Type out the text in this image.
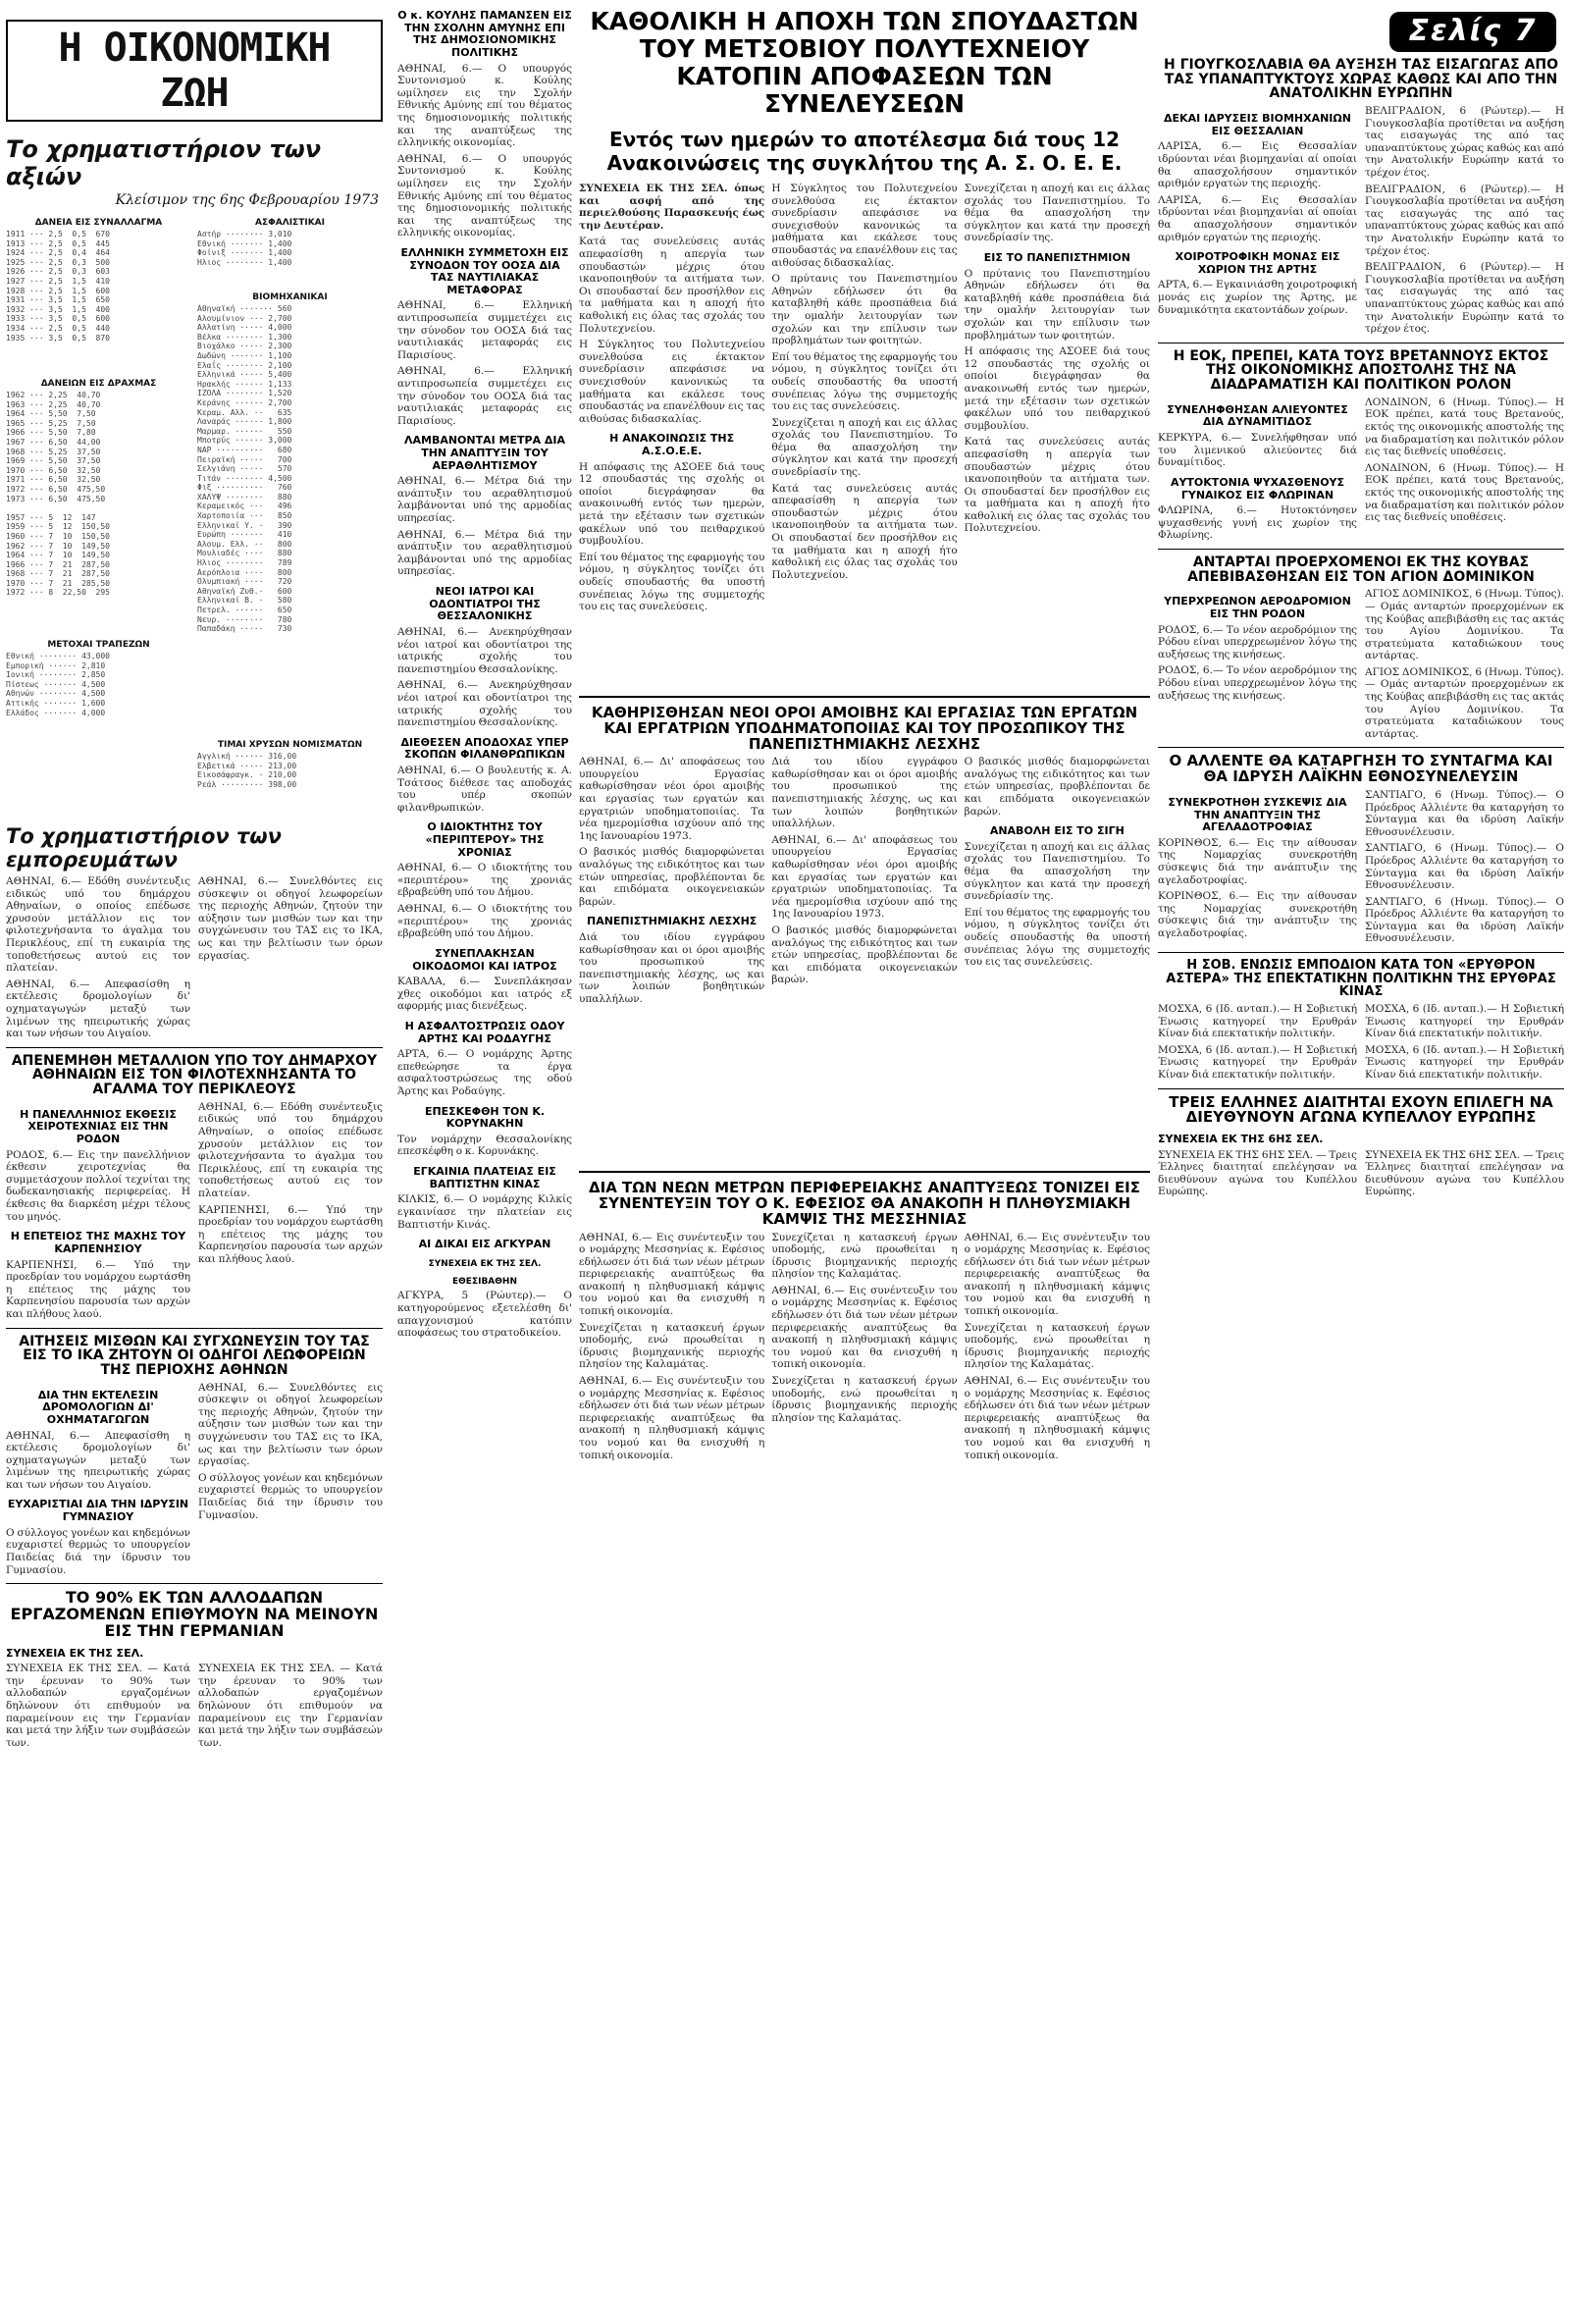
Η ΟΙΚΟΝΟΜΙΚΗ ΖΩΗ
Το χρηματιστήριον των αξιών
Κλείσιμον της 6ης Φεβρουαρίου 1973
ΔΑΝΕΙΑ ΕΙΣ ΣΥΝΑΛΛΑΓΜΑ
1911 ··· 2,5  0,5  670
1913 ··· 2,5  0,5  445
1924 ··· 2,5  0,4  464
1925 ··· 2,5  0,3  500
1926 ··· 2,5  0,3  603
1927 ··· 2,5  1,5  410
1928 ··· 2,5  1,5  600
1931 ··· 3,5  1,5  650
1932 ··· 3,5  1,5  400
1933 ··· 3,5  0,5  600
1934 ··· 2,5  0,5  440
1935 ··· 3,5  0,5  870
ΔΑΝΕΙΩΝ ΕΙΣ ΔΡΑΧΜΑΣ
1962 ··· 2,25  40,70
1963 ··· 2,25  40,70
1964 ··· 5,50  7,50
1965 ··· 5,25  7,50
1966 ··· 5,50  7,80
1967 ··· 6,50  44,00
1968 ··· 5,25  37,50
1969 ··· 5,50  37,50
1970 ··· 6,50  32,50
1971 ··· 6,50  32,50
1972 ··· 6,50  475,50
1973 ··· 6,50  475,50

1957 ··· 5  12  147
1959 ··· 5  12  150,50
1960 ··· 7  10  150,50
1962 ··· 7  10  149,50
1964 ··· 7  10  149,50
1966 ··· 7  21  287,50
1968 ··· 7  21  287,50
1970 ··· 7  21  285,50
1972 ··· 8  22,50  295
ΜΕΤΟΧΑΙ ΤΡΑΠΕΖΩΝ
Εθνική ········ 43,000
Εμπορική ······ 2,810
Ιονική ········ 2,850
Πίστεως ······· 4,500
Αθηνών ········ 4,500
Αττικής ······· 1,600
Ελλάδος ······· 4,000
ΑΣΦΑΛΙΣΤΙΚΑΙ
Αστήρ ········ 3,010
Εθνική ······· 1,400
Φοίνιξ ······· 1,400
Ήλιος ········ 1,400
ΒΙΟΜΗΧΑΝΙΚΑΙ
Αθηναϊκή ······· 560
Αλουμίνιον ··· 2,700
Αλλατίνη ····· 4,000
Βέλκα ········ 1,300
Βιοχάλκο ····· 2,300
Δωδώνη ······· 1,100
Ελαΐς ········ 2,100
Ελληνικά ····· 5,400
Ηρακλής ······ 1,133
ΙΖΟΛΑ ········ 1,520
Κεράνης ······ 2,700
Κεραμ. Αλλ. ··   635
Λαναράς ······ 1,800
Μαρμαρ. ······   550
Μποτρύς ······ 3,000
ΝΑΡ ··········   680
Πειραϊκή ·····   700
Σελγιάνη ·····   570
Τιτάν ········ 4,500
Φιξ ··········   760
ΧΑΛΥΨ ········   880
Κεραμεικός ···   496
Χαρτοποιία ···   850
Ελληνικαί Υ. ·   390
Ευρώπη ·······   410
Αλουμ. Ελλ. ··   800
Μουλιαδές ····   880
Ήλιος ········   789
Αερόπλοια ····   800
Ολυμπιακή ····   720
Αθηναϊκή Ζυθ.·   600
Ελληνικαί Β. ·   580
Πετρελ. ······   650
Νευρ. ········   780
Παπαδάκη ·····   730
ΤΙΜΑΙ ΧΡΥΣΩΝ ΝΟΜΙΣΜΑΤΩΝ
Αγγλική ······ 316,00
Ελβετικά ····· 213,00
Εικοσάφραγκ. · 210,00
Ρεάλ ········· 398,00
Το χρηματιστήριον των εμπορευμάτων

ΑΘΗΝΑΙ, 6.— Εδόθη συνέντευξις ειδικώς υπό του δημάρχου Αθηναίων, ο οποίος επέδωσε χρυσούν μετάλλιον εις τον φιλοτεχνήσαντα το άγαλμα του Περικλέους, επί τη ευκαιρία της τοποθετήσεως αυτού εις τον πλατείαν.

ΑΘΗΝΑΙ, 6.— Απεφασίσθη η εκτέλεσις δρομολογίων δι' οχηματαγωγών μεταξύ των λιμένων της ηπειρωτικής χώρας και των νήσων του Αιγαίου.

ΑΘΗΝΑΙ, 6.— Συνελθόντες εις σύσκεψιν οι οδηγοί λεωφορείων της περιοχής Αθηνών, ζητούν την αύξησιν των μισθών των και την συγχώνευσιν του ΤΑΣ εις το ΙΚΑ, ως και την βελτίωσιν των όρων εργασίας.

ΑΠΕΝΕΜΗΘΗ ΜΕΤΑΛΛΙΟΝ ΥΠΟ ΤΟΥ ΔΗΜΑΡΧΟΥ ΑΘΗΝΑΙΩΝ ΕΙΣ ΤΟΝ ΦΙΛΟΤΕΧΝΗΣΑΝΤΑ ΤΟ ΑΓΑΛΜΑ ΤΟΥ ΠΕΡΙΚΛΕΟΥΣ
Η ΠΑΝΕΛΛΗΝΙΟΣ ΕΚΘΕΣΙΣ ΧΕΙΡΟΤΕΧΝΙΑΣ ΕΙΣ ΤΗΝ ΡΟΔΟΝ

ΡΟΔΟΣ, 6.— Εις την πανελλήνιον έκθεσιν χειροτεχνίας θα συμμετάσχουν πολλοί τεχνίται της δωδεκανησιακής περιφερείας. Η έκθεσις θα διαρκέση μέχρι τέλους του μηνός.

Η ΕΠΕΤΕΙΟΣ ΤΗΣ ΜΑΧΗΣ ΤΟΥ ΚΑΡΠΕΝΗΣΙΟΥ

ΚΑΡΠΕΝΗΣΙ, 6.— Υπό την προεδρίαν του νομάρχου εωρτάσθη η επέτειος της μάχης του Καρπενησίου παρουσία των αρχών και πλήθους λαού.

ΑΘΗΝΑΙ, 6.— Εδόθη συνέντευξις ειδικώς υπό του δημάρχου Αθηναίων, ο οποίος επέδωσε χρυσούν μετάλλιον εις τον φιλοτεχνήσαντα το άγαλμα του Περικλέους, επί τη ευκαιρία της τοποθετήσεως αυτού εις τον πλατείαν.

ΚΑΡΠΕΝΗΣΙ, 6.— Υπό την προεδρίαν του νομάρχου εωρτάσθη η επέτειος της μάχης του Καρπενησίου παρουσία των αρχών και πλήθους λαού.

ΑΙΤΗΣΕΙΣ ΜΙΣΘΩΝ ΚΑΙ ΣΥΓΧΩΝΕΥΣΙΝ ΤΟΥ ΤΑΣ ΕΙΣ ΤΟ ΙΚΑ ΖΗΤΟΥΝ ΟΙ ΟΔΗΓΟΙ ΛΕΩΦΟΡΕΙΩΝ ΤΗΣ ΠΕΡΙΟΧΗΣ ΑΘΗΝΩΝ
ΔΙΑ ΤΗΝ ΕΚΤΕΛΕΣΙΝ ΔΡΟΜΟΛΟΓΙΩΝ ΔΙ' ΟΧΗΜΑΤΑΓΩΓΩΝ

ΑΘΗΝΑΙ, 6.— Απεφασίσθη η εκτέλεσις δρομολογίων δι' οχηματαγωγών μεταξύ των λιμένων της ηπειρωτικής χώρας και των νήσων του Αιγαίου.

ΕΥΧΑΡΙΣΤΙΑΙ ΔΙΑ ΤΗΝ ΙΔΡΥΣΙΝ ΓΥΜΝΑΣΙΟΥ

Ο σύλλογος γονέων και κηδεμόνων ευχαριστεί θερμώς το υπουργείον Παιδείας διά την ίδρυσιν του Γυμνασίου.

ΑΘΗΝΑΙ, 6.— Συνελθόντες εις σύσκεψιν οι οδηγοί λεωφορείων της περιοχής Αθηνών, ζητούν την αύξησιν των μισθών των και την συγχώνευσιν του ΤΑΣ εις το ΙΚΑ, ως και την βελτίωσιν των όρων εργασίας.

Ο σύλλογος γονέων και κηδεμόνων ευχαριστεί θερμώς το υπουργείον Παιδείας διά την ίδρυσιν του Γυμνασίου.

ΤΟ 90% ΕΚ ΤΩΝ ΑΛΛΟΔΑΠΩΝ ΕΡΓΑΖΟΜΕΝΩΝ ΕΠΙΘΥΜΟΥΝ ΝΑ ΜΕΙΝΟΥΝ ΕΙΣ ΤΗΝ ΓΕΡΜΑΝΙΑΝ
ΣΥΝΕΧΕΙΑ ΕΚ ΤΗΣ ΣΕΛ.

ΣΥΝΕΧΕΙΑ ΕΚ ΤΗΣ ΣΕΛ. — Κατά την έρευναν το 90% των αλλοδαπών εργαζομένων δηλώνουν ότι επιθυμούν να παραμείνουν εις την Γερμανίαν και μετά την λήξιν των συμβάσεών των.

ΣΥΝΕΧΕΙΑ ΕΚ ΤΗΣ ΣΕΛ. — Κατά την έρευναν το 90% των αλλοδαπών εργαζομένων δηλώνουν ότι επιθυμούν να παραμείνουν εις την Γερμανίαν και μετά την λήξιν των συμβάσεών των.

Ο κ. ΚΟΥΛΗΣ ΠΑΜΑΝΣΕΝ ΕΙΣ ΤΗΝ ΣΧΟΛΗΝ ΑΜΥΝΗΣ ΕΠΙ ΤΗΣ ΔΗΜΟΣΙΟΝΟΜΙΚΗΣ ΠΟΛΙΤΙΚΗΣ

ΑΘΗΝΑΙ, 6.— Ο υπουργός Συντονισμού κ. Κούλης ωμίλησεν εις την Σχολήν Εθνικής Αμύνης επί του θέματος της δημοσιονομικής πολιτικής και της αναπτύξεως της ελληνικής οικονομίας.

ΑΘΗΝΑΙ, 6.— Ο υπουργός Συντονισμού κ. Κούλης ωμίλησεν εις την Σχολήν Εθνικής Αμύνης επί του θέματος της δημοσιονομικής πολιτικής και της αναπτύξεως της ελληνικής οικονομίας.

ΕΛΛΗΝΙΚΗ ΣΥΜΜΕΤΟΧΗ ΕΙΣ ΣΥΝΟΔΟΝ ΤΟΥ ΟΟΣΑ ΔΙΑ ΤΑΣ ΝΑΥΤΙΛΙΑΚΑΣ ΜΕΤΑΦΟΡΑΣ

ΑΘΗΝΑΙ, 6.— Ελληνική αντιπροσωπεία συμμετέχει εις την σύνοδον του ΟΟΣΑ διά τας ναυτιλιακάς μεταφοράς εις Παρισίους.

ΑΘΗΝΑΙ, 6.— Ελληνική αντιπροσωπεία συμμετέχει εις την σύνοδον του ΟΟΣΑ διά τας ναυτιλιακάς μεταφοράς εις Παρισίους.

ΛΑΜΒΑΝΟΝΤΑΙ ΜΕΤΡΑ ΔΙΑ ΤΗΝ ΑΝΑΠΤΥΞΙΝ ΤΟΥ ΑΕΡΑΘΛΗΤΙΣΜΟΥ

ΑΘΗΝΑΙ, 6.— Μέτρα διά την ανάπτυξιν του αεραθλητισμού λαμβάνονται υπό της αρμοδίας υπηρεσίας.

ΑΘΗΝΑΙ, 6.— Μέτρα διά την ανάπτυξιν του αεραθλητισμού λαμβάνονται υπό της αρμοδίας υπηρεσίας.

ΝΕΟΙ ΙΑΤΡΟΙ ΚΑΙ ΟΔΟΝΤΙΑΤΡΟΙ ΤΗΣ ΘΕΣΣΑΛΟΝΙΚΗΣ

ΑΘΗΝΑΙ, 6.— Ανεκηρύχθησαν νέοι ιατροί και οδοντίατροι της ιατρικής σχολής του πανεπιστημίου Θεσσαλονίκης.

ΑΘΗΝΑΙ, 6.— Ανεκηρύχθησαν νέοι ιατροί και οδοντίατροι της ιατρικής σχολής του πανεπιστημίου Θεσσαλονίκης.

ΔΙΕΘΕΣΕΝ ΑΠΟΔΟΧΑΣ ΥΠΕΡ ΣΚΟΠΩΝ ΦΙΛΑΝΘΡΩΠΙΚΩΝ

ΑΘΗΝΑΙ, 6.— Ο βουλευτής κ. Α. Τσάτσος διέθεσε τας αποδοχάς του υπέρ σκοπών φιλανθρωπικών.

Ο ΙΔΙΟΚΤΗΤΗΣ ΤΟΥ «ΠΕΡΙΠΤΕΡΟΥ» ΤΗΣ ΧΡΟΝΙΑΣ

ΑΘΗΝΑΙ, 6.— Ο ιδιοκτήτης του «περιπτέρου» της χρονιάς εβραβεύθη υπό του Δήμου.

ΑΘΗΝΑΙ, 6.— Ο ιδιοκτήτης του «περιπτέρου» της χρονιάς εβραβεύθη υπό του Δήμου.

ΣΥΝΕΠΛΑΚΗΣΑΝ ΟΙΚΟΔΟΜΟΙ ΚΑΙ ΙΑΤΡΟΣ

ΚΑΒΑΛΑ, 6.— Συνεπλάκησαν χθες οικοδόμοι και ιατρός εξ αφορμής μιας διενέξεως.

Η ΑΣΦΑΛΤΟΣΤΡΩΣΙΣ ΟΔΟΥ ΑΡΤΗΣ ΚΑΙ ΡΟΔΑΥΓΗΣ

ΑΡΤΑ, 6.— Ο νομάρχης Άρτης επεθεώρησε τα έργα ασφαλτοστρώσεως της οδού Άρτης και Ροδαύγης.

ΕΠΕΣΚΕΦΘΗ ΤΟΝ Κ. ΚΟΡΥΝΑΚΗΝ

Τον νομάρχην Θεσσαλονίκης επεσκέφθη ο κ. Κορυνάκης.

ΕΓΚΑΙΝΙΑ ΠΛΑΤΕΙΑΣ ΕΙΣ ΒΑΠΤΙΣΤΗΝ ΚΙΝΑΣ

ΚΙΛΚΙΣ, 6.— Ο νομάρχης Κιλκίς εγκαινίασε την πλατείαν εις Βαπτιστήν Κινάς.

ΑΙ ΔΙΚΑΙ ΕΙΣ ΑΓΚΥΡΑΝ
ΣΥΝΕΧΕΙΑ ΕΚ ΤΗΣ ΣΕΛ.
ΕΘΕΣΙΒΑΘΗΝ

ΑΓΚΥΡΑ, 5 (Ρώυτερ).— Ο κατηγορούμενος εξετελέσθη δι' απαγχονισμού κατόπιν αποφάσεως του στρατοδικείου.

ΚΑΘΟΛΙΚΗ Η ΑΠΟΧΗ ΤΩΝ ΣΠΟΥΔΑΣΤΩΝ ΤΟΥ ΜΕΤΣΟΒΙΟΥ ΠΟΛΥΤΕΧΝΕΙΟΥ ΚΑΤΟΠΙΝ ΑΠΟΦΑΣΕΩΝ ΤΩΝ ΣΥΝΕΛΕΥΣΕΩΝ
Εντός των ημερών το αποτέλεσμα διά τους 12 Ανακοινώσεις της συγκλήτου της Α. Σ. Ο. Ε. Ε.

ΣΥΝΕΧΕΙΑ ΕΚ ΤΗΣ ΣΕΛ. όπως και ασφή από της περιελθούσης Παρασκευής έως την Δευτέραν.

Κατά τας συνελεύσεις αυτάς απεφασίσθη η απεργία των σπουδαστών μέχρις ότου ικανοποιηθούν τα αιτήματα των. Οι σπουδασταί δεν προσήλθον εις τα μαθήματα και η αποχή ήτο καθολική εις όλας τας σχολάς του Πολυτεχνείου.

Η Σύγκλητος του Πολυτεχνείου συνελθούσα εις έκτακτον συνεδρίασιν απεφάσισε να συνεχισθούν κανονικώς τα μαθήματα και εκάλεσε τους σπουδαστάς να επανέλθουν εις τας αιθούσας διδασκαλίας.

Η ΑΝΑΚΟΙΝΩΣΙΣ ΤΗΣ Α.Σ.Ο.Ε.Ε.

Η απόφασις της ΑΣΟΕΕ διά τους 12 σπουδαστάς της σχολής οι οποίοι διεγράφησαν θα ανακοινωθή εντός των ημερών, μετά την εξέτασιν των σχετικών φακέλων υπό του πειθαρχικού συμβουλίου.

Επί του θέματος της εφαρμογής του νόμου, η σύγκλητος τονίζει ότι ουδείς σπουδαστής θα υποστή συνέπειας λόγω της συμμετοχής του εις τας συνελεύσεις.

Η Σύγκλητος του Πολυτεχνείου συνελθούσα εις έκτακτον συνεδρίασιν απεφάσισε να συνεχισθούν κανονικώς τα μαθήματα και εκάλεσε τους σπουδαστάς να επανέλθουν εις τας αιθούσας διδασκαλίας.

Ο πρύτανις του Πανεπιστημίου Αθηνών εδήλωσεν ότι θα καταβληθή κάθε προσπάθεια διά την ομαλήν λειτουργίαν των σχολών και την επίλυσιν των προβλημάτων των φοιτητών.

Επί του θέματος της εφαρμογής του νόμου, η σύγκλητος τονίζει ότι ουδείς σπουδαστής θα υποστή συνέπειας λόγω της συμμετοχής του εις τας συνελεύσεις.

Συνεχίζεται η αποχή και εις άλλας σχολάς του Πανεπιστημίου. Το θέμα θα απασχολήση την σύγκλητον και κατά την προσεχή συνεδρίασίν της.

Κατά τας συνελεύσεις αυτάς απεφασίσθη η απεργία των σπουδαστών μέχρις ότου ικανοποιηθούν τα αιτήματα των. Οι σπουδασταί δεν προσήλθον εις τα μαθήματα και η αποχή ήτο καθολική εις όλας τας σχολάς του Πολυτεχνείου.

Συνεχίζεται η αποχή και εις άλλας σχολάς του Πανεπιστημίου. Το θέμα θα απασχολήση την σύγκλητον και κατά την προσεχή συνεδρίασίν της.

ΕΙΣ ΤΟ ΠΑΝΕΠΙΣΤΗΜΙΟΝ

Ο πρύτανις του Πανεπιστημίου Αθηνών εδήλωσεν ότι θα καταβληθή κάθε προσπάθεια διά την ομαλήν λειτουργίαν των σχολών και την επίλυσιν των προβλημάτων των φοιτητών.

Η απόφασις της ΑΣΟΕΕ διά τους 12 σπουδαστάς της σχολής οι οποίοι διεγράφησαν θα ανακοινωθή εντός των ημερών, μετά την εξέτασιν των σχετικών φακέλων υπό του πειθαρχικού συμβουλίου.

Κατά τας συνελεύσεις αυτάς απεφασίσθη η απεργία των σπουδαστών μέχρις ότου ικανοποιηθούν τα αιτήματα των. Οι σπουδασταί δεν προσήλθον εις τα μαθήματα και η αποχή ήτο καθολική εις όλας τας σχολάς του Πολυτεχνείου.

ΚΑΘΗΡΙΣΘΗΣΑΝ ΝΕΟΙ ΟΡΟΙ ΑΜΟΙΒΗΣ ΚΑΙ ΕΡΓΑΣΙΑΣ ΤΩΝ ΕΡΓΑΤΩΝ ΚΑΙ ΕΡΓΑΤΡΙΩΝ ΥΠΟΔΗΜΑΤΟΠΟΙΙΑΣ ΚΑΙ ΤΟΥ ΠΡΟΣΩΠΙΚΟΥ ΤΗΣ ΠΑΝΕΠΙΣΤΗΜΙΑΚΗΣ ΛΕΣΧΗΣ

ΑΘΗΝΑΙ, 6.— Δι' αποφάσεως του υπουργείου Εργασίας καθωρίσθησαν νέοι όροι αμοιβής και εργασίας των εργατών και εργατριών υποδηματοποιίας. Τα νέα ημερομίσθια ισχύουν από της 1ης Ιανουαρίου 1973.

Ο βασικός μισθός διαμορφώνεται αναλόγως της ειδικότητος και των ετών υπηρεσίας, προβλέπονται δε και επιδόματα οικογενειακών βαρών.

ΠΑΝΕΠΙΣΤΗΜΙΑΚΗΣ ΛΕΣΧΗΣ

Διά του ιδίου εγγράφου καθωρίσθησαν και οι όροι αμοιβής του προσωπικού της πανεπιστημιακής λέσχης, ως και των λοιπών βοηθητικών υπαλλήλων.

Διά του ιδίου εγγράφου καθωρίσθησαν και οι όροι αμοιβής του προσωπικού της πανεπιστημιακής λέσχης, ως και των λοιπών βοηθητικών υπαλλήλων.

ΑΘΗΝΑΙ, 6.— Δι' αποφάσεως του υπουργείου Εργασίας καθωρίσθησαν νέοι όροι αμοιβής και εργασίας των εργατών και εργατριών υποδηματοποιίας. Τα νέα ημερομίσθια ισχύουν από της 1ης Ιανουαρίου 1973.

Ο βασικός μισθός διαμορφώνεται αναλόγως της ειδικότητος και των ετών υπηρεσίας, προβλέπονται δε και επιδόματα οικογενειακών βαρών.

Ο βασικός μισθός διαμορφώνεται αναλόγως της ειδικότητος και των ετών υπηρεσίας, προβλέπονται δε και επιδόματα οικογενειακών βαρών.

ΑΝΑΒΟΛΗ ΕΙΣ ΤΟ ΣΙΓΗ

Συνεχίζεται η αποχή και εις άλλας σχολάς του Πανεπιστημίου. Το θέμα θα απασχολήση την σύγκλητον και κατά την προσεχή συνεδρίασίν της.

Επί του θέματος της εφαρμογής του νόμου, η σύγκλητος τονίζει ότι ουδείς σπουδαστής θα υποστή συνέπειας λόγω της συμμετοχής του εις τας συνελεύσεις.

ΔΙΑ ΤΩΝ ΝΕΩΝ ΜΕΤΡΩΝ ΠΕΡΙΦΕΡΕΙΑΚΗΣ ΑΝΑΠΤΥΞΕΩΣ ΤΟΝΙΖΕΙ ΕΙΣ ΣΥΝΕΝΤΕΥΞΙΝ ΤΟΥ Ο Κ. ΕΦΕΣΙΟΣ ΘΑ ΑΝΑΚΟΠΗ Η ΠΛΗΘΥΣΜΙΑΚΗ ΚΑΜΨΙΣ ΤΗΣ ΜΕΣΣΗΝΙΑΣ

ΑΘΗΝΑΙ, 6.— Εις συνέντευξιν του ο νομάρχης Μεσσηνίας κ. Εφέσιος εδήλωσεν ότι διά των νέων μέτρων περιφερειακής αναπτύξεως θα ανακοπή η πληθυσμιακή κάμψις του νομού και θα ενισχυθή η τοπική οικονομία.

Συνεχίζεται η κατασκευή έργων υποδομής, ενώ προωθείται η ίδρυσις βιομηχανικής περιοχής πλησίον της Καλαμάτας.

ΑΘΗΝΑΙ, 6.— Εις συνέντευξιν του ο νομάρχης Μεσσηνίας κ. Εφέσιος εδήλωσεν ότι διά των νέων μέτρων περιφερειακής αναπτύξεως θα ανακοπή η πληθυσμιακή κάμψις του νομού και θα ενισχυθή η τοπική οικονομία.

Συνεχίζεται η κατασκευή έργων υποδομής, ενώ προωθείται η ίδρυσις βιομηχανικής περιοχής πλησίον της Καλαμάτας.

ΑΘΗΝΑΙ, 6.— Εις συνέντευξιν του ο νομάρχης Μεσσηνίας κ. Εφέσιος εδήλωσεν ότι διά των νέων μέτρων περιφερειακής αναπτύξεως θα ανακοπή η πληθυσμιακή κάμψις του νομού και θα ενισχυθή η τοπική οικονομία.

Συνεχίζεται η κατασκευή έργων υποδομής, ενώ προωθείται η ίδρυσις βιομηχανικής περιοχής πλησίον της Καλαμάτας.

ΑΘΗΝΑΙ, 6.— Εις συνέντευξιν του ο νομάρχης Μεσσηνίας κ. Εφέσιος εδήλωσεν ότι διά των νέων μέτρων περιφερειακής αναπτύξεως θα ανακοπή η πληθυσμιακή κάμψις του νομού και θα ενισχυθή η τοπική οικονομία.

Συνεχίζεται η κατασκευή έργων υποδομής, ενώ προωθείται η ίδρυσις βιομηχανικής περιοχής πλησίον της Καλαμάτας.

ΑΘΗΝΑΙ, 6.— Εις συνέντευξιν του ο νομάρχης Μεσσηνίας κ. Εφέσιος εδήλωσεν ότι διά των νέων μέτρων περιφερειακής αναπτύξεως θα ανακοπή η πληθυσμιακή κάμψις του νομού και θα ενισχυθή η τοπική οικονομία.

Σελίς 7
Η ΓΙΟΥΓΚΟΣΛΑΒΙΑ ΘΑ ΑΥΞΗΣΗ ΤΑΣ ΕΙΣΑΓΩΓΑΣ ΑΠΟ ΤΑΣ ΥΠΑΝΑΠΤΥΚΤΟΥΣ ΧΩΡΑΣ ΚΑΘΩΣ ΚΑΙ ΑΠΟ ΤΗΝ ΑΝΑΤΟΛΙΚΗΝ ΕΥΡΩΠΗΝ
ΔΕΚΑΙ ΙΔΡΥΣΕΙΣ ΒΙΟΜΗΧΑΝΙΩΝ ΕΙΣ ΘΕΣΣΑΛΙΑΝ

ΛΑΡΙΣΑ, 6.— Εις Θεσσαλίαν ιδρύονται νέαι βιομηχανίαι αί οποίαι θα απασχολήσουν σημαντικόν αριθμόν εργατών της περιοχής.

ΛΑΡΙΣΑ, 6.— Εις Θεσσαλίαν ιδρύονται νέαι βιομηχανίαι αί οποίαι θα απασχολήσουν σημαντικόν αριθμόν εργατών της περιοχής.

ΧΟΙΡΟΤΡΟΦΙΚΗ ΜΟΝΑΣ ΕΙΣ ΧΩΡΙΟΝ ΤΗΣ ΑΡΤΗΣ

ΑΡΤΑ, 6.— Εγκαινιάσθη χοιροτροφική μονάς εις χωρίον της Άρτης, με δυναμικότητα εκατοντάδων χοίρων.

ΒΕΛΙΓΡΑΔΙΟΝ, 6 (Ρώυτερ).— Η Γιουγκοσλαβία προτίθεται να αυξήση τας εισαγωγάς της από τας υπαναπτύκτους χώρας καθώς και από την Ανατολικήν Ευρώπην κατά το τρέχον έτος.

ΒΕΛΙΓΡΑΔΙΟΝ, 6 (Ρώυτερ).— Η Γιουγκοσλαβία προτίθεται να αυξήση τας εισαγωγάς της από τας υπαναπτύκτους χώρας καθώς και από την Ανατολικήν Ευρώπην κατά το τρέχον έτος.

ΒΕΛΙΓΡΑΔΙΟΝ, 6 (Ρώυτερ).— Η Γιουγκοσλαβία προτίθεται να αυξήση τας εισαγωγάς της από τας υπαναπτύκτους χώρας καθώς και από την Ανατολικήν Ευρώπην κατά το τρέχον έτος.

Η ΕΟΚ, ΠΡΕΠΕΙ, ΚΑΤΑ ΤΟΥΣ ΒΡΕΤΑΝΝΟΥΣ ΕΚΤΟΣ ΤΗΣ ΟΙΚΟΝΟΜΙΚΗΣ ΑΠΟΣΤΟΛΗΣ ΤΗΣ ΝΑ ΔΙΑΔΡΑΜΑΤΙΣΗ ΚΑΙ ΠΟΛΙΤΙΚΟΝ ΡΟΛΟΝ
ΣΥΝΕΛΗΦΘΗΣΑΝ ΑΛΙΕΥΟΝΤΕΣ ΔΙΑ ΔΥΝΑΜΙΤΙΔΟΣ

ΚΕΡΚΥΡΑ, 6.— Συνελήφθησαν υπό του λιμενικού αλιεύοντες διά δυναμίτιδος.

ΑΥΤΟΚΤΟΝΙΑ ΨΥΧΑΣΘΕΝΟΥΣ ΓΥΝΑΙΚΟΣ ΕΙΣ ΦΛΩΡΙΝΑΝ

ΦΛΩΡΙΝΑ, 6.— Ηυτοκτόνησεν ψυχασθενής γυνή εις χωρίον της Φλωρίνης.

ΛΟΝΔΙΝΟΝ, 6 (Ηνωμ. Τύπος).— Η ΕΟΚ πρέπει, κατά τους Βρετανούς, εκτός της οικονομικής αποστολής της να διαδραματίση και πολιτικόν ρόλον εις τας διεθνείς υποθέσεις.

ΛΟΝΔΙΝΟΝ, 6 (Ηνωμ. Τύπος).— Η ΕΟΚ πρέπει, κατά τους Βρετανούς, εκτός της οικονομικής αποστολής της να διαδραματίση και πολιτικόν ρόλον εις τας διεθνείς υποθέσεις.

ΑΝΤΑΡΤΑΙ ΠΡΟΕΡΧΟΜΕΝΟΙ ΕΚ ΤΗΣ ΚΟΥΒΑΣ ΑΠΕΒΙΒΑΣΘΗΣΑΝ ΕΙΣ ΤΟΝ ΑΓΙΟΝ ΔΟΜΙΝΙΚΟΝ
ΥΠΕΡΧΡΕΩΝΟΝ ΑΕΡΟΔΡΟΜΙΟΝ ΕΙΣ ΤΗΝ ΡΟΔΟΝ

ΡΟΔΟΣ, 6.— Το νέον αεροδρόμιον της Ρόδου είναι υπερχρεωμένον λόγω της αυξήσεως της κινήσεως.

ΡΟΔΟΣ, 6.— Το νέον αεροδρόμιον της Ρόδου είναι υπερχρεωμένον λόγω της αυξήσεως της κινήσεως.

ΑΓΙΟΣ ΔΟΜΙΝΙΚΟΣ, 6 (Ηνωμ. Τύπος).— Ομάς ανταρτών προερχομένων εκ της Κούβας απεβιβάσθη εις τας ακτάς του Αγίου Δομινίκου. Τα στρατεύματα καταδιώκουν τους αντάρτας.

ΑΓΙΟΣ ΔΟΜΙΝΙΚΟΣ, 6 (Ηνωμ. Τύπος).— Ομάς ανταρτών προερχομένων εκ της Κούβας απεβιβάσθη εις τας ακτάς του Αγίου Δομινίκου. Τα στρατεύματα καταδιώκουν τους αντάρτας.

Ο ΑΛΛΕΝΤΕ ΘΑ ΚΑΤΑΡΓΗΣΗ ΤΟ ΣΥΝΤΑΓΜΑ ΚΑΙ ΘΑ ΙΔΡΥΣΗ ΛΑΪΚΗΝ ΕΘΝΟΣΥΝΕΛΕΥΣΙΝ
ΣΥΝΕΚΡΟΤΗΘΗ ΣΥΣΚΕΨΙΣ ΔΙΑ ΤΗΝ ΑΝΑΠΤΥΞΙΝ ΤΗΣ ΑΓΕΛΑΔΟΤΡΟΦΙΑΣ

ΚΟΡΙΝΘΟΣ, 6.— Εις την αίθουσαν της Νομαρχίας συνεκροτήθη σύσκεψις διά την ανάπτυξιν της αγελαδοτροφίας.

ΚΟΡΙΝΘΟΣ, 6.— Εις την αίθουσαν της Νομαρχίας συνεκροτήθη σύσκεψις διά την ανάπτυξιν της αγελαδοτροφίας.

ΣΑΝΤΙΑΓΟ, 6 (Ηνωμ. Τύπος).— Ο Πρόεδρος Αλλιέντε θα καταργήση το Σύνταγμα και θα ιδρύση Λαϊκήν Εθνοσυνέλευσιν.

ΣΑΝΤΙΑΓΟ, 6 (Ηνωμ. Τύπος).— Ο Πρόεδρος Αλλιέντε θα καταργήση το Σύνταγμα και θα ιδρύση Λαϊκήν Εθνοσυνέλευσιν.

ΣΑΝΤΙΑΓΟ, 6 (Ηνωμ. Τύπος).— Ο Πρόεδρος Αλλιέντε θα καταργήση το Σύνταγμα και θα ιδρύση Λαϊκήν Εθνοσυνέλευσιν.

Η ΣΟΒ. ΕΝΩΣΙΣ ΕΜΠΟΔΙΟΝ ΚΑΤΑ ΤΟΝ «ΕΡΥΘΡΟΝ ΑΣΤΕΡΑ» ΤΗΣ ΕΠΕΚΤΑΤΙΚΗΝ ΠΟΛΙΤΙΚΗΝ ΤΗΣ ΕΡΥΘΡΑΣ ΚΙΝΑΣ

ΜΟΣΧΑ, 6 (Ιδ. ανταπ.).— Η Σοβιετική Ένωσις κατηγορεί την Ερυθράν Κίναν διά επεκτατικήν πολιτικήν.

ΜΟΣΧΑ, 6 (Ιδ. ανταπ.).— Η Σοβιετική Ένωσις κατηγορεί την Ερυθράν Κίναν διά επεκτατικήν πολιτικήν.

ΜΟΣΧΑ, 6 (Ιδ. ανταπ.).— Η Σοβιετική Ένωσις κατηγορεί την Ερυθράν Κίναν διά επεκτατικήν πολιτικήν.

ΜΟΣΧΑ, 6 (Ιδ. ανταπ.).— Η Σοβιετική Ένωσις κατηγορεί την Ερυθράν Κίναν διά επεκτατικήν πολιτικήν.

ΤΡΕΙΣ ΕΛΛΗΝΕΣ ΔΙΑΙΤΗΤΑΙ ΕΧΟΥΝ ΕΠΙΛΕΓΗ ΝΑ ΔΙΕΥΘΥΝΟΥΝ ΑΓΩΝΑ ΚΥΠΕΛΛΟΥ ΕΥΡΩΠΗΣ
ΣΥΝΕΧΕΙΑ ΕΚ ΤΗΣ 6ΗΣ ΣΕΛ.

ΣΥΝΕΧΕΙΑ ΕΚ ΤΗΣ 6ΗΣ ΣΕΛ. — Τρεις Έλληνες διαιτηταί επελέγησαν να διευθύνουν αγώνα του Κυπέλλου Ευρώπης.

ΣΥΝΕΧΕΙΑ ΕΚ ΤΗΣ 6ΗΣ ΣΕΛ. — Τρεις Έλληνες διαιτηταί επελέγησαν να διευθύνουν αγώνα του Κυπέλλου Ευρώπης.
